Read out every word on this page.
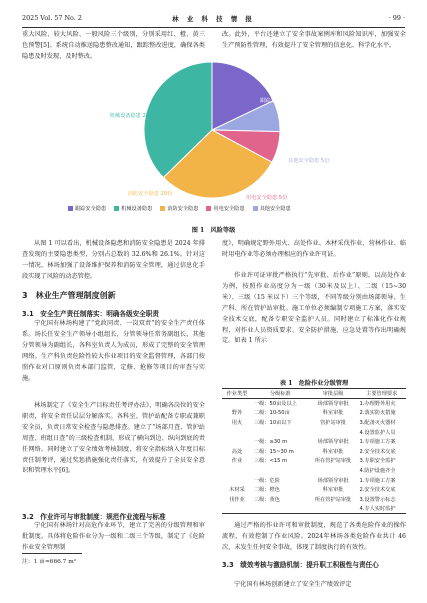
2025 Vol. 57 No. 2	林 业 科 技 情 报	· 99 ·
重大风险、较大风险、一般风险三个级别，分别采用红、橙、黄三色预警[5]。系统自动推送隐患整改通知，跟踪整改进度，确保各类隐患及时发现、及时整改。
改。此外，平台还建立了安全事故案例库和风险知识库，加强安全生产预防性管理，有效提升了安全管理的信息化、科学化水平。
跟踪安全隐患 12份
其他安全隐患 5份
用电安全隐患 5份
消防安全隐患 20份
机械设备隐患 25份
跟踪安全隐患	机械设备隐患	消防安全隐患	用电安全隐患	其他安全隐患
图 1　风险等级
从图 1 可以看出，机械设备隐患和消防安全隐患是 2024 年排查发现的主要隐患类型，分别占总数的 32.6%和 26.1%。针对这一情况，林场加强了设备维护保养和消防安全管理，通过信息化手段实现了风险的动态管控。
3　林业生产管理制度创新
3.1　安全生产责任制落实：明确各级安全职责
宁化国有林场构建了“党政同责、一岗双责”的安全生产责任体系。场长任安全生产领导小组组长，分管领导任常务副组长，其他分管领导为副组长，各科室负责人为成员，形成了完整的安全管理网络。生产科负责危险性较大作业项目的安全监督管理，各部门按照作业对口原则负责本部门监管，定修、抢修等项目的审查与实施。
林场制定了《安全生产目标责任考评办法》，明确各岗位的安全职责，将安全责任层层分解落实。各科室、管护站配备专职或兼职安全员，负责日常安全检查与隐患排查。建立了“场部月查、管护站周查、班组日查”的三级检查机制，形成了横向到边、纵向到底的责任网络。同时建立了安全绩效考核制度，将安全指标纳入年度目标责任制考评，通过奖惩措施强化责任落实，有效提升了全员安全意识和管理水平[6]。
3.2　作业许可与审批制度：规范作业流程与标准
宁化国有林场针对高危作业环节，建立了完善的分级管理和审批制度。具体将危险作业分为一级和二级三个等级，制定了《危险作业安全管理制
注：1 亩≈666.7 m²
度》，明确规定野外用火、高处作业、木材采伐作业、营林作业、临时用电作业等必须办理相应的作业许可证。
作业许可证审批严格执行“先审批、后作业”原则。以高处作业为例，按照作业高度分为一级（30米及以上）、二级（15~30 米）、三级（15 米以下）三个等级，不同等级分别由场部领导、生产科、所在管护站审批。施工单位必须编制专项施工方案，落实安全技术交底，配备专职安全监护人员。同时建立了标准化作业规程，对作业人员资质要求、安全防护措施、应急处置等作出明确规定。如表 1 所示
表 1　危险作业分级管理
作业类型	分级标准	审批层级	主要管理要求
	一级：50亩及以上	场部领导审批	1.办理野外用火
野外	二级：10-50亩	科室审批	2.落实防火措施
用火	三级：10亩以下	管护站审批	3.配备灭火器材
			4.设置监护人员
	一级：≥30 m	场部领导审批	1.专项施工方案
高处	二级：15~30 m	科室审批	2.安全技术交底
作业	三级：<15 m	所在管护站审批	3.专职安全监护
			4.防护设施齐全
	一级：危险	场部领导审批	1.专项施工方案
木材采	二级：橙色	科室审批	2.安全技术交底
伐作业	三级：黄色	所在管护站审批	3.设置警示标志
			4.专人实时监护
通过严格的作业许可和审批制度，规范了各类危险作业的操作流程，有效控制了作业风险。2024年林场各类危险作业共计 46 次，未发生任何安全事故，体现了制度执行的有效性。
3.3　绩效考核与激励机制：提升职工积极性与责任心
宁化国有林场创新建立了安全生产绩效评定
